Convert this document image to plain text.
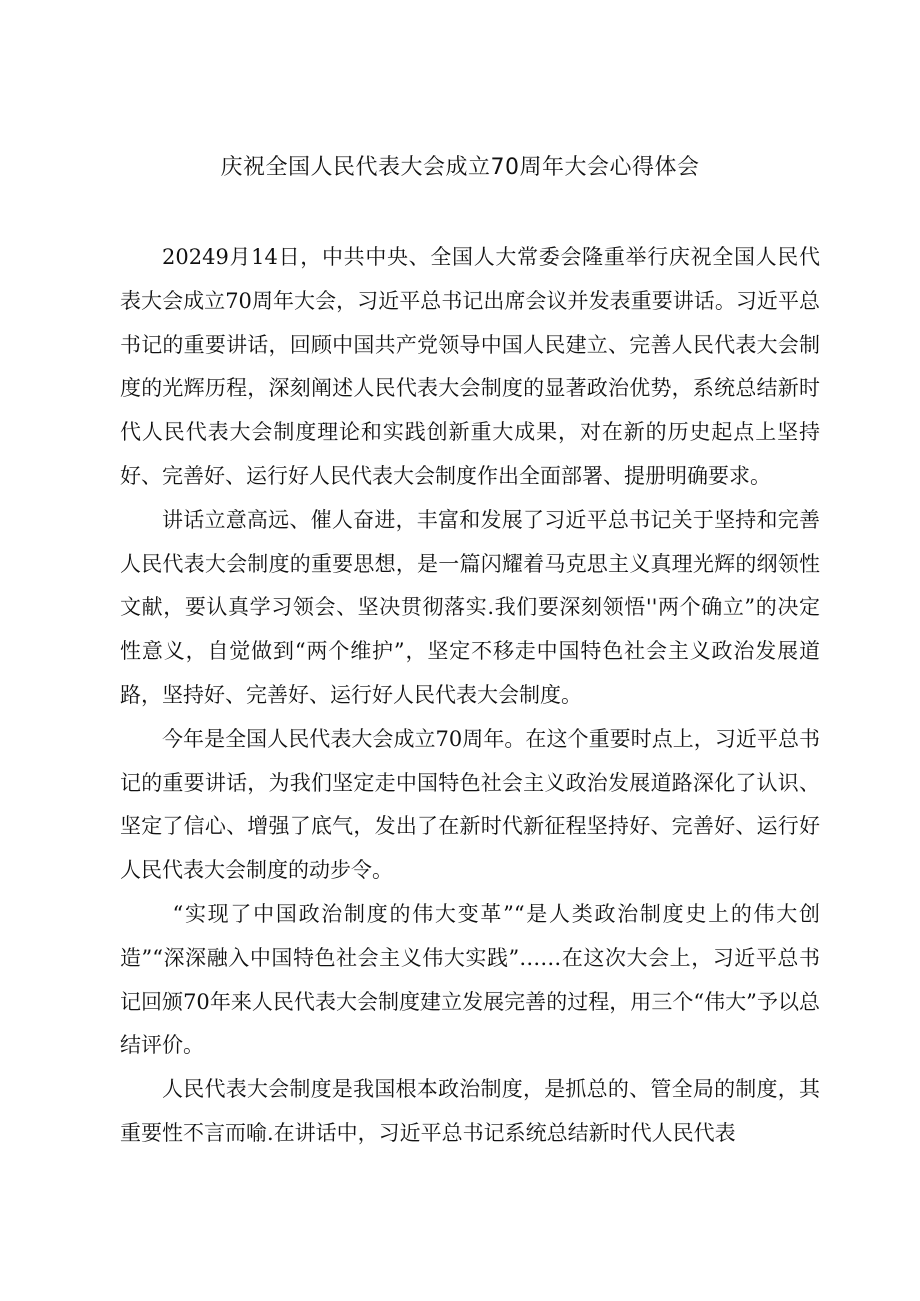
庆祝全国人民代表大会成立70周年大会心得体会

20249月14日，中共中央、全国人大常委会隆重举行庆祝全国人民代表大会成立70周年大会，习近平总书记出席会议并发表重要讲话。习近平总书记的重要讲话，回顾中国共产党领导中国人民建立、完善人民代表大会制度的光辉历程，深刻阐述人民代表大会制度的显著政治优势，系统总结新时代人民代表大会制度理论和实践创新重大成果，对在新的历史起点上坚持好、完善好、运行好人民代表大会制度作出全面部署、提册明确要求。

讲话立意高远、催人奋进，丰富和发展了习近平总书记关于坚持和完善人民代表大会制度的重要思想，是一篇闪耀着马克思主义真理光辉的纲领性文献，要认真学习领会、坚决贯彻落实.我们要深刻领悟''两个确立”的决定性意义，自觉做到“两个维护”，坚定不移走中国特色社会主义政治发展道路，坚持好、完善好、运行好人民代表大会制度。

今年是全国人民代表大会成立70周年。在这个重要时点上，习近平总书记的重要讲话，为我们坚定走中国特色社会主义政治发展道路深化了认识、坚定了信心、增强了底气，发出了在新时代新征程坚持好、完善好、运行好人民代表大会制度的动步令。

“实现了中国政治制度的伟大变革”“是人类政治制度史上的伟大创造”“深深融入中国特色社会主义伟大实践”……在这次大会上，习近平总书记回颁70年来人民代表大会制度建立发展完善的过程，用三个“伟大”予以总结评价。

人民代表大会制度是我国根本政治制度，是抓总的、管全局的制度，其重要性不言而喻.在讲话中，习近平总书记系统总结新时代人民代表
